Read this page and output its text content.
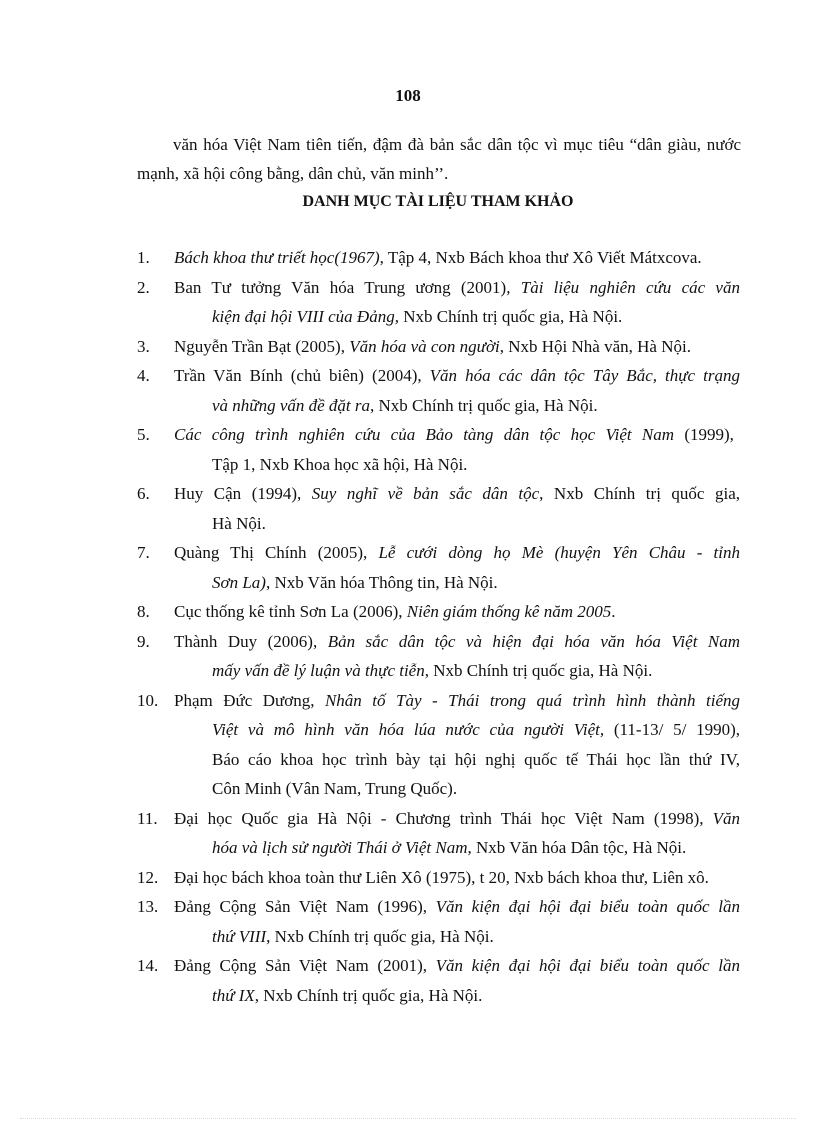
108

văn hóa Việt Nam tiên tiến, đậm đà bản sắc dân tộc vì mục tiêu “dân giàu, nước mạnh, xã hội công bằng, dân chủ, văn minh’’.

DANH MỤC TÀI LIỆU THAM KHẢO
1. Bách khoa thư triết học(1967), Tập 4, Nxb Bách khoa thư Xô Viết Mátxcova.
2. Ban Tư tưởng Văn hóa Trung ương (2001), Tài liệu nghiên cứu các văn
kiện đại hội VIII của Đảng, Nxb Chính trị quốc gia, Hà Nội.
3. Nguyễn Trần Bạt (2005), Văn hóa và con người, Nxb Hội Nhà văn, Hà Nội.
4. Trần Văn Bính (chủ biên) (2004), Văn hóa các dân tộc Tây Bắc, thực trạng
và những vấn đề đặt ra, Nxb Chính trị quốc gia, Hà Nội.
5. Các công trình nghiên cứu của Bảo tàng dân tộc học Việt Nam (1999),
Tập 1, Nxb Khoa học xã hội, Hà Nội.
6. Huy Cận (1994), Suy nghĩ về bản sắc dân tộc, Nxb Chính trị quốc gia,
Hà Nội.
7. Quàng Thị Chính (2005), Lễ cưới dòng họ Mè (huyện Yên Châu - tỉnh
Sơn La), Nxb Văn hóa Thông tin, Hà Nội.
8. Cục thống kê tỉnh Sơn La (2006), Niên giám thống kê năm 2005.
9. Thành Duy (2006), Bản sắc dân tộc và hiện đại hóa văn hóa Việt Nam
mấy vấn đề lý luận và thực tiễn, Nxb Chính trị quốc gia, Hà Nội.
10. Phạm Đức Dương, Nhân tố Tày - Thái trong quá trình hình thành tiếng
Việt và mô hình văn hóa lúa nước của người Việt, (11-13/ 5/ 1990),
Báo cáo khoa học trình bày tại hội nghị quốc tế Thái học lần thứ IV,
Côn Minh (Vân Nam, Trung Quốc).
11. Đại học Quốc gia Hà Nội - Chương trình Thái học Việt Nam (1998), Văn
hóa và lịch sử người Thái ở Việt Nam, Nxb Văn hóa Dân tộc, Hà Nội.
12. Đại học bách khoa toàn thư Liên Xô (1975), t 20, Nxb bách khoa thư, Liên xô.
13. Đảng Cộng Sản Việt Nam (1996), Văn kiện đại hội đại biểu toàn quốc lần
thứ VIII, Nxb Chính trị quốc gia, Hà Nội.
14. Đảng Cộng Sản Việt Nam (2001), Văn kiện đại hội đại biểu toàn quốc lần
thứ IX, Nxb Chính trị quốc gia, Hà Nội.
